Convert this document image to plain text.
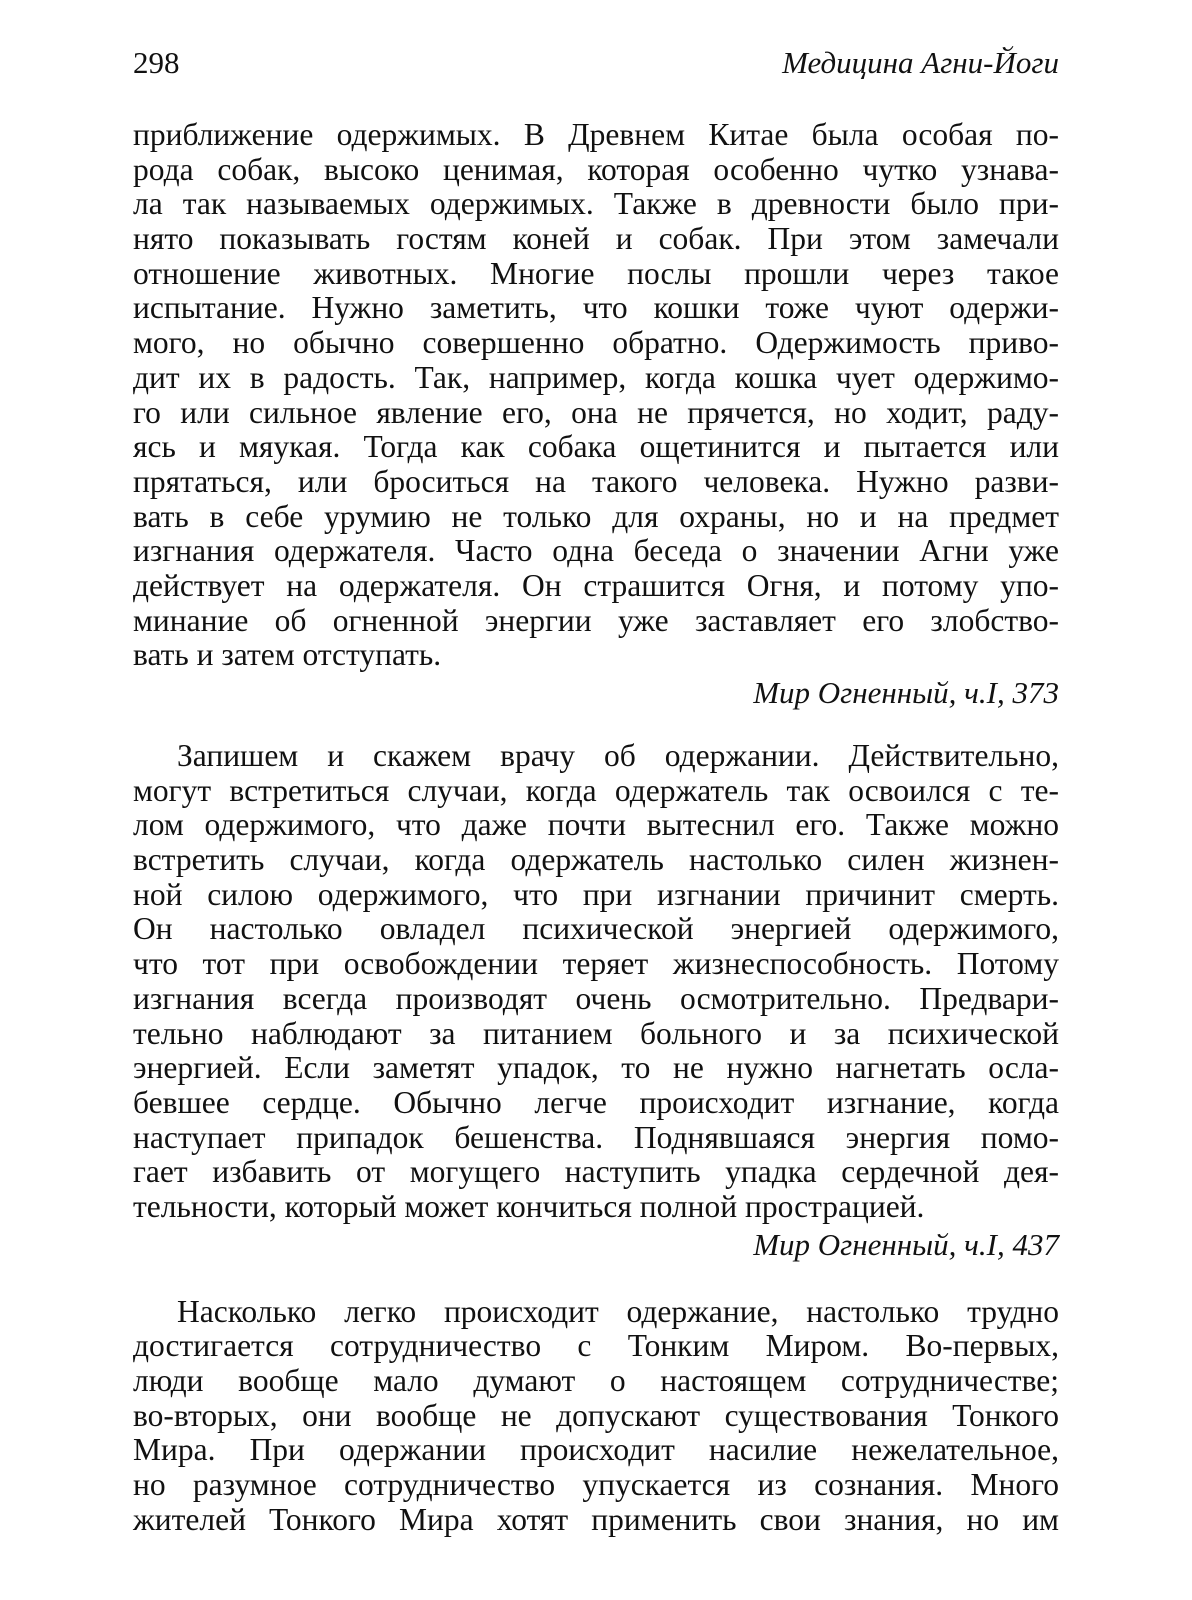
298	Медицина Агни-Йоги
приближение одержимых. В Древнем Китае была особая по-
рода собак, высоко ценимая, которая особенно чутко узнава-
ла так называемых одержимых. Также в древности было при-
нято показывать гостям коней и собак. При этом замечали
отношение животных. Многие послы прошли через такое
испытание. Нужно заметить, что кошки тоже чуют одержи-
мого, но обычно совершенно обратно. Одержимость приво-
дит их в радость. Так, например, когда кошка чует одержимо-
го или сильное явление его, она не прячется, но ходит, раду-
ясь и мяукая. Тогда как собака ощетинится и пытается или
прятаться, или броситься на такого человека. Нужно разви-
вать в себе урумию не только для охраны, но и на предмет
изгнания одержателя. Часто одна беседа о значении Агни уже
действует на одержателя. Он страшится Огня, и потому упо-
минание об огненной энергии уже заставляет его злобство-
вать и затем отступать.
Мир Огненный, ч.I, 373
Запишем и скажем врачу об одержании. Действительно,
могут встретиться случаи, когда одержатель так освоился с те-
лом одержимого, что даже почти вытеснил его. Также можно
встретить случаи, когда одержатель настолько силен жизнен-
ной силою одержимого, что при изгнании причинит смерть.
Он настолько овладел психической энергией одержимого,
что тот при освобождении теряет жизнеспособность. Потому
изгнания всегда производят очень осмотрительно. Предвари-
тельно наблюдают за питанием больного и за психической
энергией. Если заметят упадок, то не нужно нагнетать осла-
бевшее сердце. Обычно легче происходит изгнание, когда
наступает припадок бешенства. Поднявшаяся энергия помо-
гает избавить от могущего наступить упадка сердечной дея-
тельности, который может кончиться полной прострацией.
Мир Огненный, ч.I, 437
Насколько легко происходит одержание, настолько трудно
достигается сотрудничество с Тонким Миром. Во-первых,
люди вообще мало думают о настоящем сотрудничестве;
во-вторых, они вообще не допускают существования Тонкого
Мира. При одержании происходит насилие нежелательное,
но разумное сотрудничество упускается из сознания. Много
жителей Тонкого Мира хотят применить свои знания, но им
